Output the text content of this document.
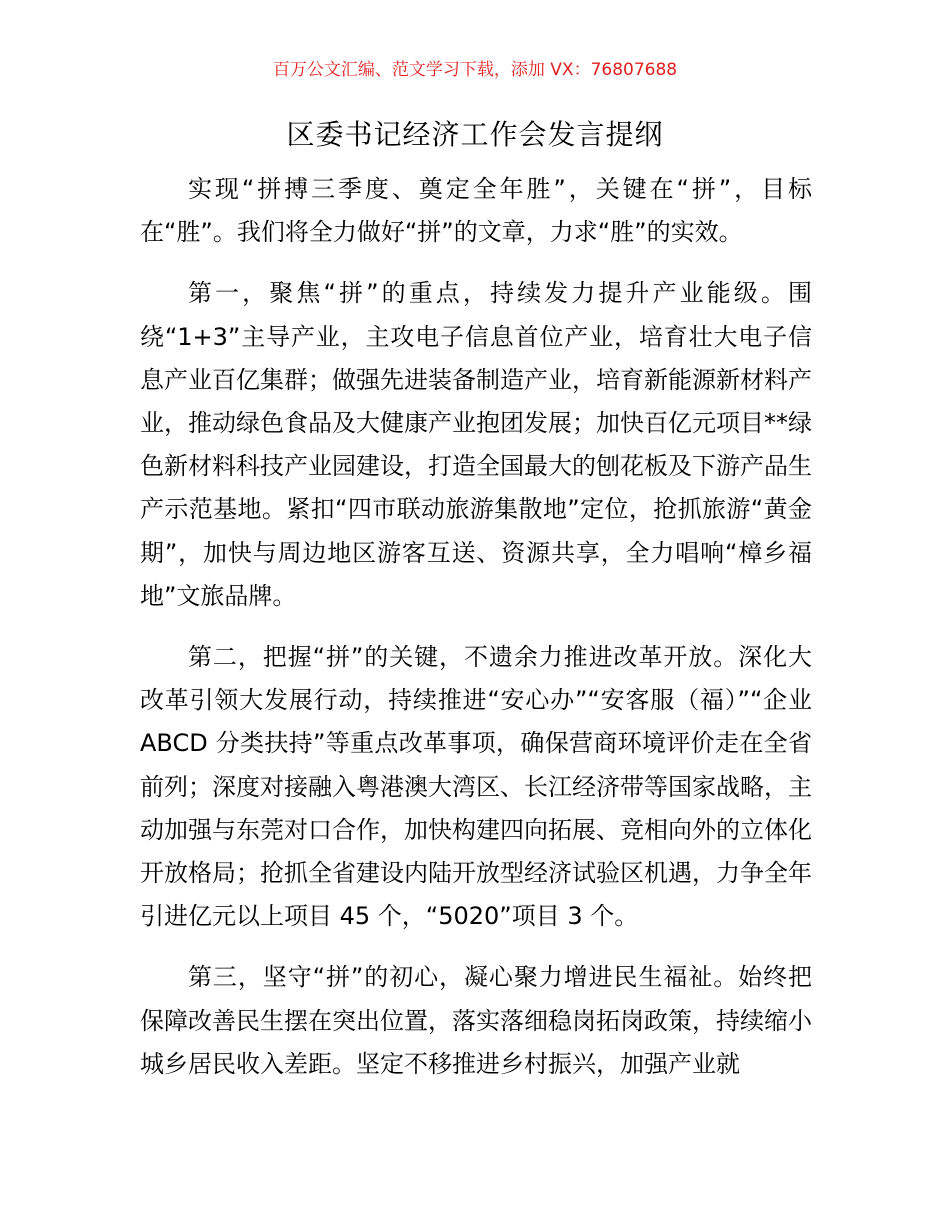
百万公文汇编、范文学习下载，添加 VX：76807688
区委书记经济工作会发言提纲

实现“拼搏三季度、奠定全年胜”，关键在“拼”，目标在“胜”。我们将全力做好“拼”的文章，力求“胜”的实效。

第一，聚焦“拼”的重点，持续发力提升产业能级。围绕“1+3”主导产业，主攻电子信息首位产业，培育壮大电子信息产业百亿集群；做强先进装备制造产业，培育新能源新材料产业，推动绿色食品及大健康产业抱团发展；加快百亿元项目**绿色新材料科技产业园建设，打造全国最大的刨花板及下游产品生产示范基地。紧扣“四市联动旅游集散地”定位，抢抓旅游“黄金期”，加快与周边地区游客互送、资源共享，全力唱响“樟乡福地”文旅品牌。

第二，把握“拼”的关键，不遗余力推进改革开放。深化大改革引领大发展行动，持续推进“安心办”“安客服（福）”“企业 ABCD 分类扶持”等重点改革事项，确保营商环境评价走在全省前列；深度对接融入粤港澳大湾区、长江经济带等国家战略，主动加强与东莞对口合作，加快构建四向拓展、竞相向外的立体化开放格局；抢抓全省建设内陆开放型经济试验区机遇，力争全年引进亿元以上项目 45 个，“5020”项目 3 个。

第三，坚守“拼”的初心，凝心聚力增进民生福祉。始终把保障改善民生摆在突出位置，落实落细稳岗拓岗政策，持续缩小城乡居民收入差距。坚定不移推进乡村振兴，加强产业就
